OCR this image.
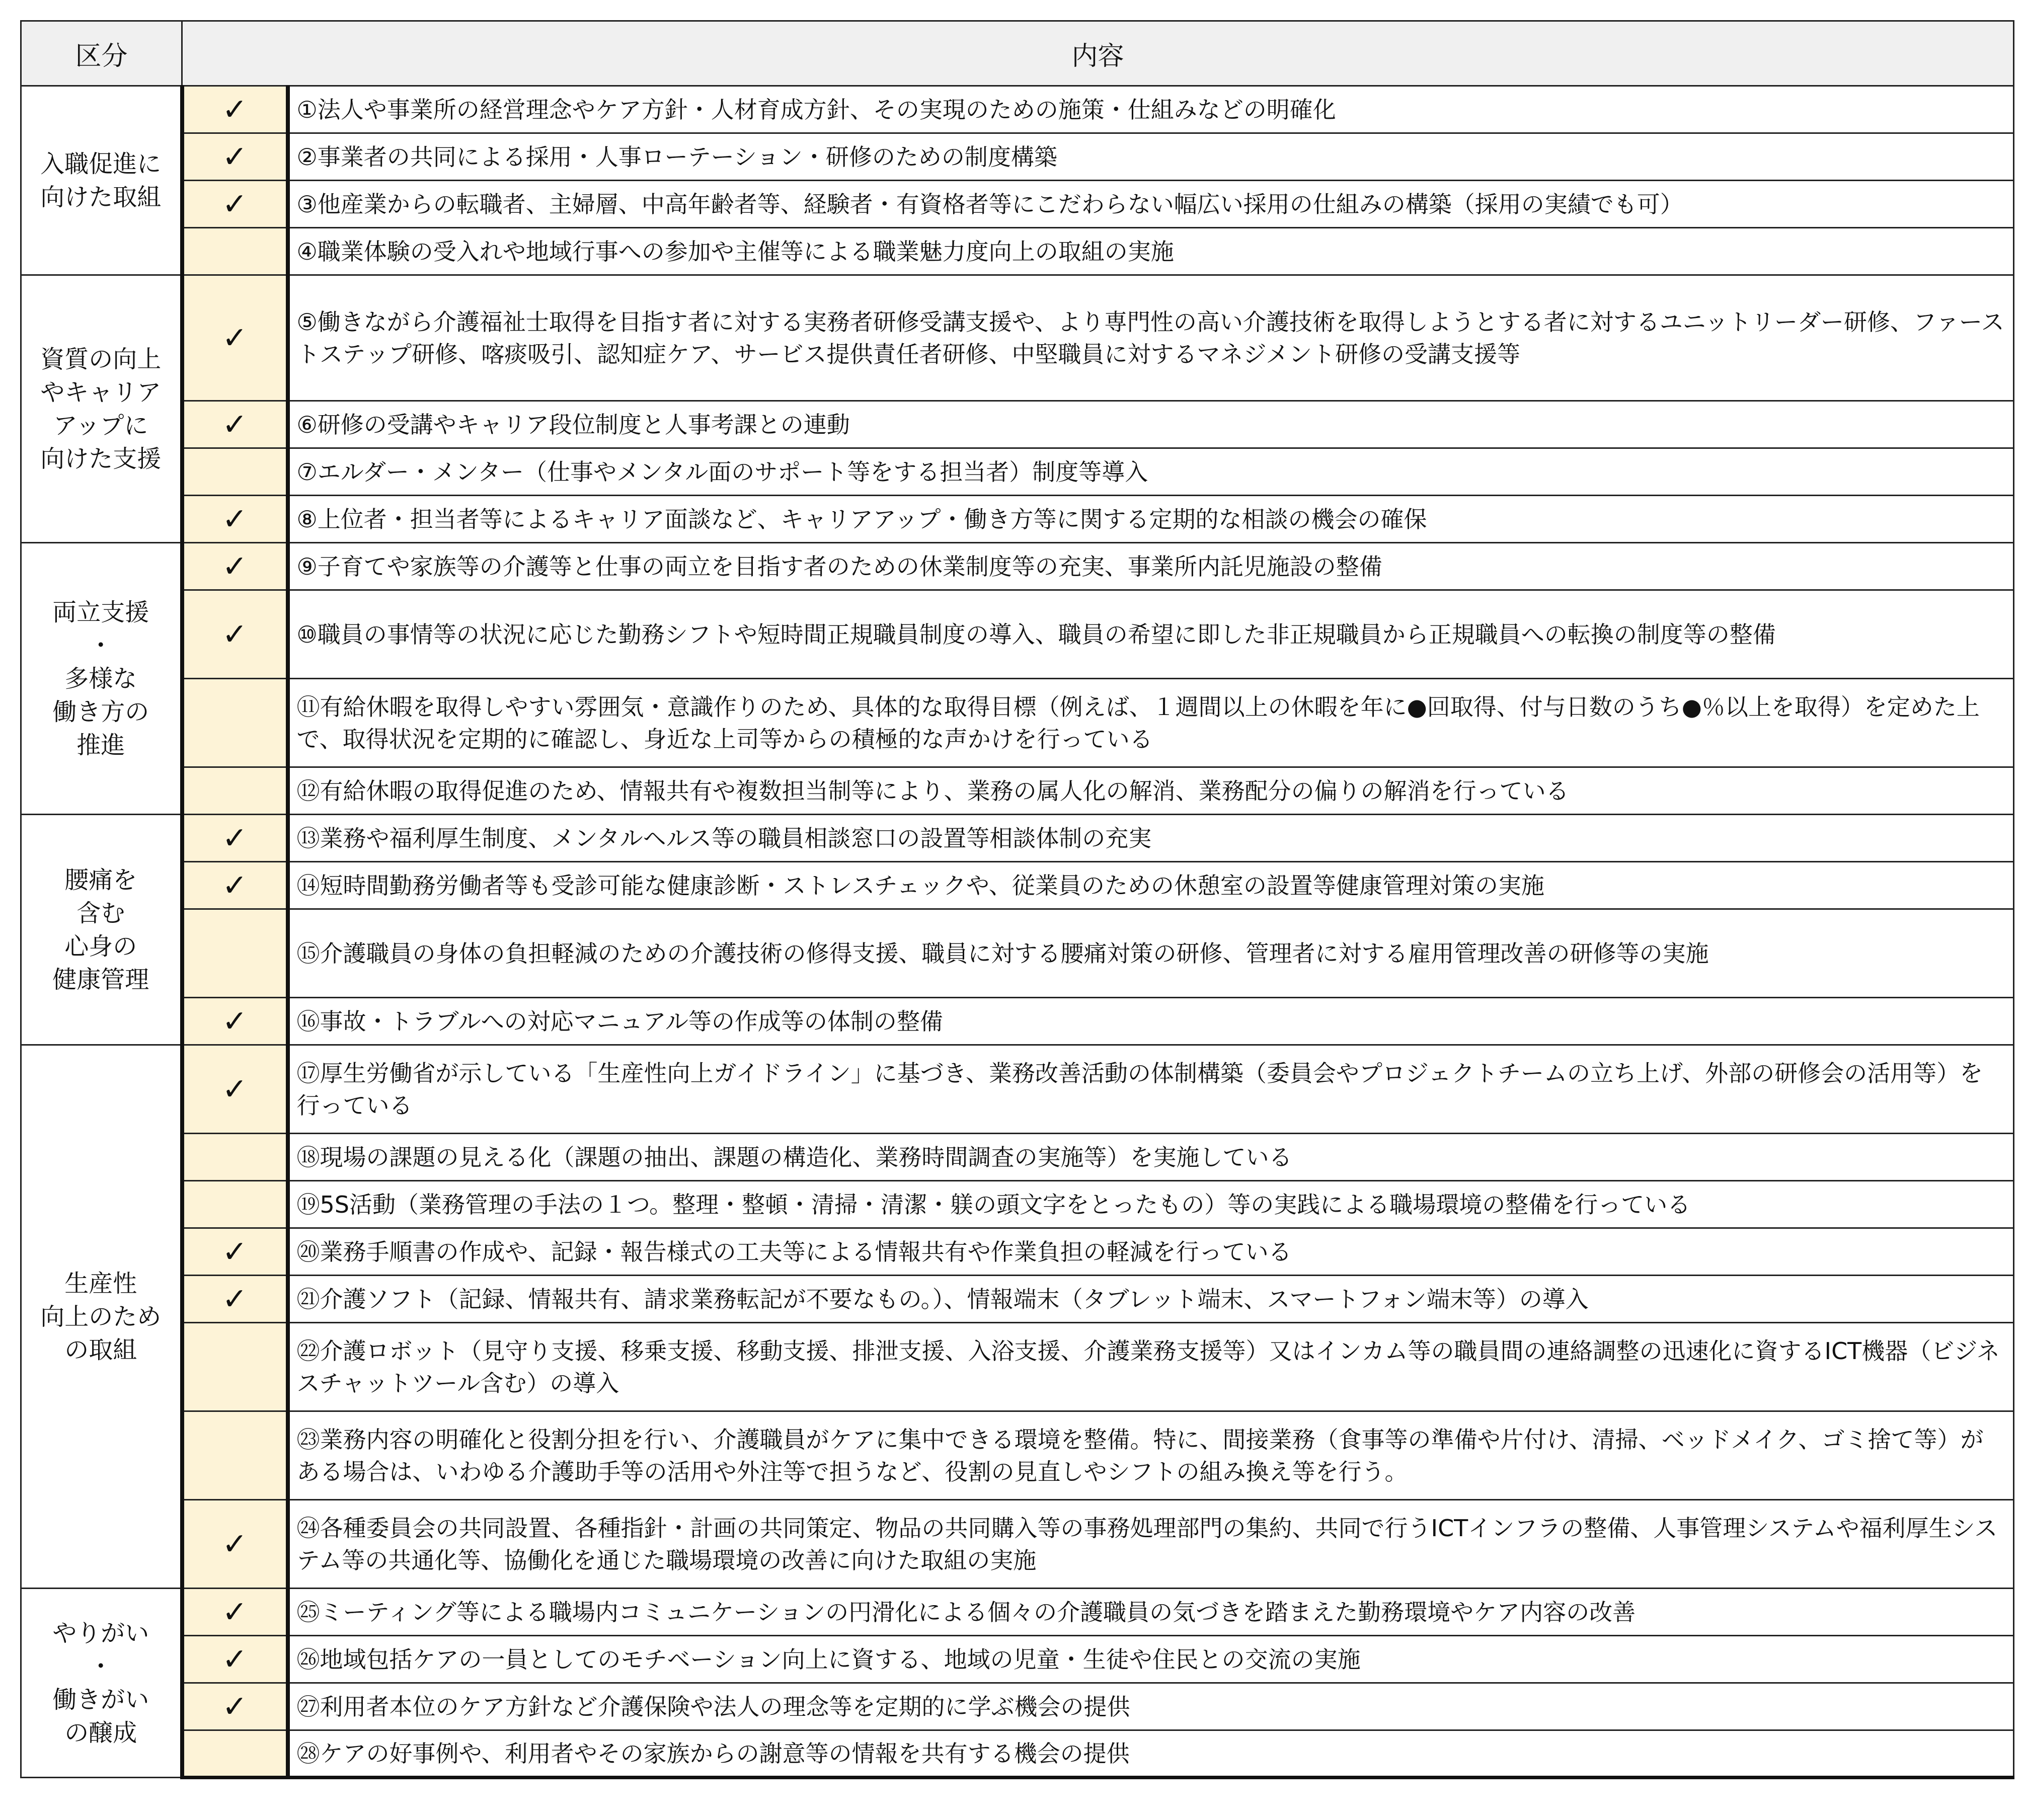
区分	内容	
入職促進に
向けた取組	✓	①法人や事業所の経営理念やケア方針・人材育成方針、その実現のための施策・仕組みなどの明確化
	✓	②事業者の共同による採用・人事ローテーション・研修のための制度構築
	✓	③他産業からの転職者、主婦層、中高年齢者等、経験者・有資格者等にこだわらない幅広い採用の仕組みの構築（採用の実績でも可）
		④職業体験の受入れや地域行事への参加や主催等による職業魅力度向上の取組の実施
資質の向上
やキャリア
アップに
向けた支援	✓	⑤働きながら介護福祉士取得を目指す者に対する実務者研修受講支援や、より専門性の高い介護技術を取得しようとする者に対するユニットリーダー研修、ファーストステップ研修、喀痰吸引、認知症ケア、サービス提供責任者研修、中堅職員に対するマネジメント研修の受講支援等
	✓	⑥研修の受講やキャリア段位制度と人事考課との連動
		⑦エルダー・メンター（仕事やメンタル面のサポート等をする担当者）制度等導入
	✓	⑧上位者・担当者等によるキャリア面談など、キャリアアップ・働き方等に関する定期的な相談の機会の確保
両立支援
・
多様な
働き方の
推進	✓	⑨子育てや家族等の介護等と仕事の両立を目指す者のための休業制度等の充実、事業所内託児施設の整備
	✓	⑩職員の事情等の状況に応じた勤務シフトや短時間正規職員制度の導入、職員の希望に即した非正規職員から正規職員への転換の制度等の整備
		⑪有給休暇を取得しやすい雰囲気・意識作りのため、具体的な取得目標（例えば、１週間以上の休暇を年に●回取得、付与日数のうち●％以上を取得）を定めた上で、取得状況を定期的に確認し、身近な上司等からの積極的な声かけを行っている
		⑫有給休暇の取得促進のため、情報共有や複数担当制等により、業務の属人化の解消、業務配分の偏りの解消を行っている
腰痛を
含む
心身の
健康管理	✓	⑬業務や福利厚生制度、メンタルヘルス等の職員相談窓口の設置等相談体制の充実
	✓	⑭短時間勤務労働者等も受診可能な健康診断・ストレスチェックや、従業員のための休憩室の設置等健康管理対策の実施
		⑮介護職員の身体の負担軽減のための介護技術の修得支援、職員に対する腰痛対策の研修、管理者に対する雇用管理改善の研修等の実施
	✓	⑯事故・トラブルへの対応マニュアル等の作成等の体制の整備
生産性
向上のため
の取組	✓	⑰厚生労働省が示している「生産性向上ガイドライン」に基づき、業務改善活動の体制構築（委員会やプロジェクトチームの立ち上げ、外部の研修会の活用等）を行っている
		⑱現場の課題の見える化（課題の抽出、課題の構造化、業務時間調査の実施等）を実施している
		⑲5S活動（業務管理の手法の１つ。整理・整頓・清掃・清潔・躾の頭文字をとったもの）等の実践による職場環境の整備を行っている
	✓	⑳業務手順書の作成や、記録・報告様式の工夫等による情報共有や作業負担の軽減を行っている
	✓	㉑介護ソフト（記録、情報共有、請求業務転記が不要なもの。）、情報端末（タブレット端末、スマートフォン端末等）の導入
		㉒介護ロボット（見守り支援、移乗支援、移動支援、排泄支援、入浴支援、介護業務支援等）又はインカム等の職員間の連絡調整の迅速化に資するICT機器（ビジネスチャットツール含む）の導入
		㉓業務内容の明確化と役割分担を行い、介護職員がケアに集中できる環境を整備。特に、間接業務（食事等の準備や片付け、清掃、ベッドメイク、ゴミ捨て等）がある場合は、いわゆる介護助手等の活用や外注等で担うなど、役割の見直しやシフトの組み換え等を行う。
	✓	㉔各種委員会の共同設置、各種指針・計画の共同策定、物品の共同購入等の事務処理部門の集約、共同で行うICTインフラの整備、人事管理システムや福利厚生システム等の共通化等、協働化を通じた職場環境の改善に向けた取組の実施
やりがい
・
働きがい
の醸成	✓	㉕ミーティング等による職場内コミュニケーションの円滑化による個々の介護職員の気づきを踏まえた勤務環境やケア内容の改善
	✓	㉖地域包括ケアの一員としてのモチベーション向上に資する、地域の児童・生徒や住民との交流の実施
	✓	㉗利用者本位のケア方針など介護保険や法人の理念等を定期的に学ぶ機会の提供
		㉘ケアの好事例や、利用者やその家族からの謝意等の情報を共有する機会の提供
